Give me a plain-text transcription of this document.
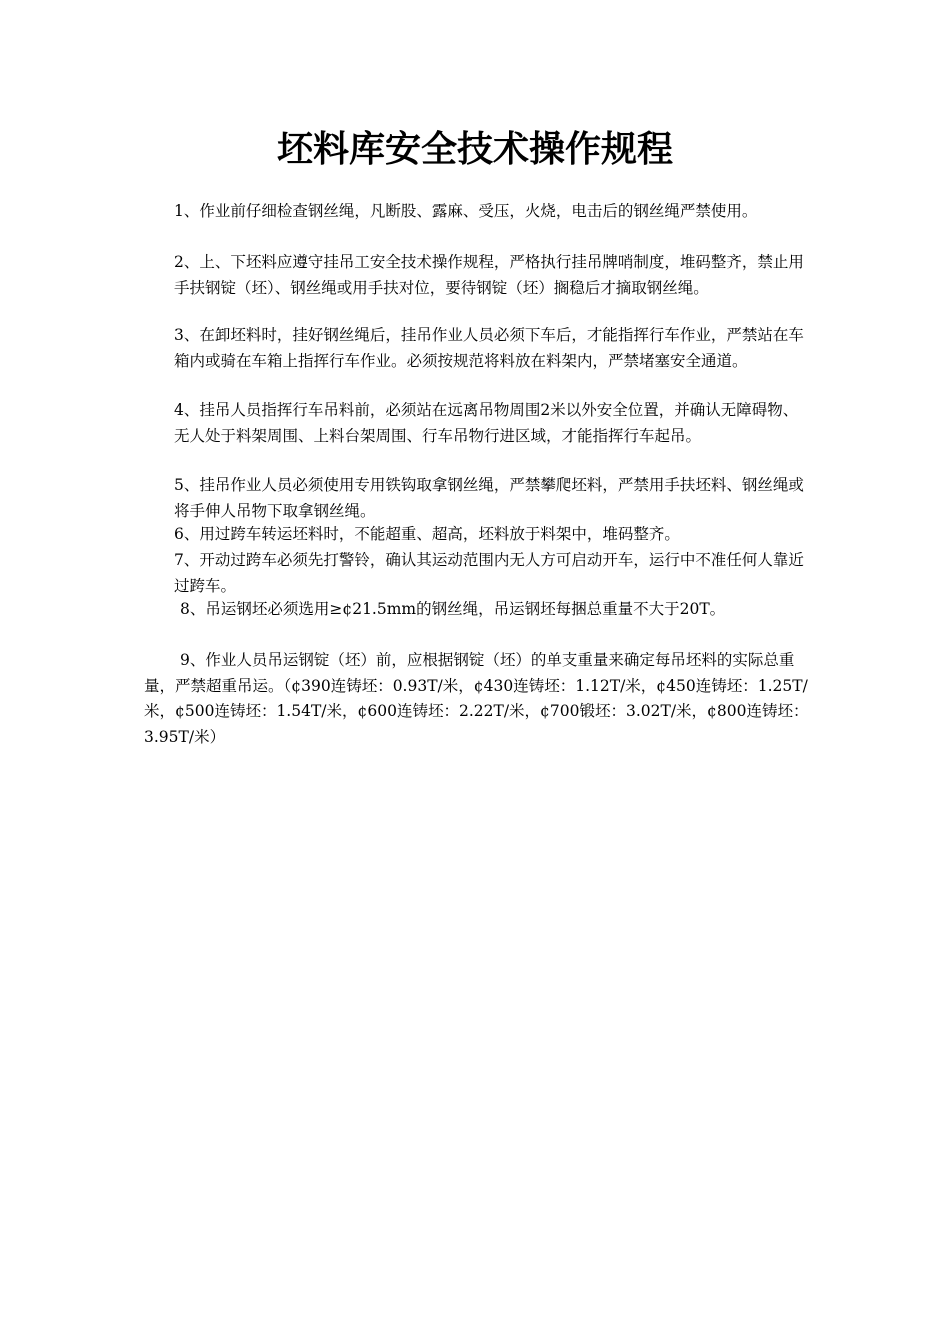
坯料库安全技术操作规程

1、作业前仔细检查钢丝绳，凡断股、露麻、受压，火烧，电击后的钢丝绳严禁使用。

2、上、下坯料应遵守挂吊工安全技术操作规程，严格执行挂吊牌哨制度，堆码整齐，禁止用手扶钢锭（坯）、钢丝绳或用手扶对位，要待钢锭（坯）搁稳后才摘取钢丝绳。

3、在卸坯料时，挂好钢丝绳后，挂吊作业人员必须下车后，才能指挥行车作业，严禁站在车箱内或骑在车箱上指挥行车作业。必须按规范将料放在料架内，严禁堵塞安全通道。

4、挂吊人员指挥行车吊料前，必须站在远离吊物周围2米以外安全位置，并确认无障碍物、无人处于料架周围、上料台架周围、行车吊物行进区域，才能指挥行车起吊。

5、挂吊作业人员必须使用专用铁钩取拿钢丝绳，严禁攀爬坯料，严禁用手扶坯料、钢丝绳或将手伸人吊物下取拿钢丝绳。

6、用过跨车转运坯料时，不能超重、超高，坯料放于料架中，堆码整齐。

7、开动过跨车必须先打警铃，确认其运动范围内无人方可启动开车，运行中不准任何人靠近过跨车。

8、吊运钢坯必须选用≥¢21.5mm的钢丝绳，吊运钢坯每捆总重量不大于20T。

9、作业人员吊运钢锭（坯）前，应根据钢锭（坯）的单支重量来确定每吊坯料的实际总重量，严禁超重吊运。（¢390连铸坯：0.93T/米，¢430连铸坯：1.12T/米，¢450连铸坯：1.25T/米，¢500连铸坯：1.54T/米，¢600连铸坯：2.22T/米，¢700锻坯：3.02T/米，¢800连铸坯：3.95T/米）
